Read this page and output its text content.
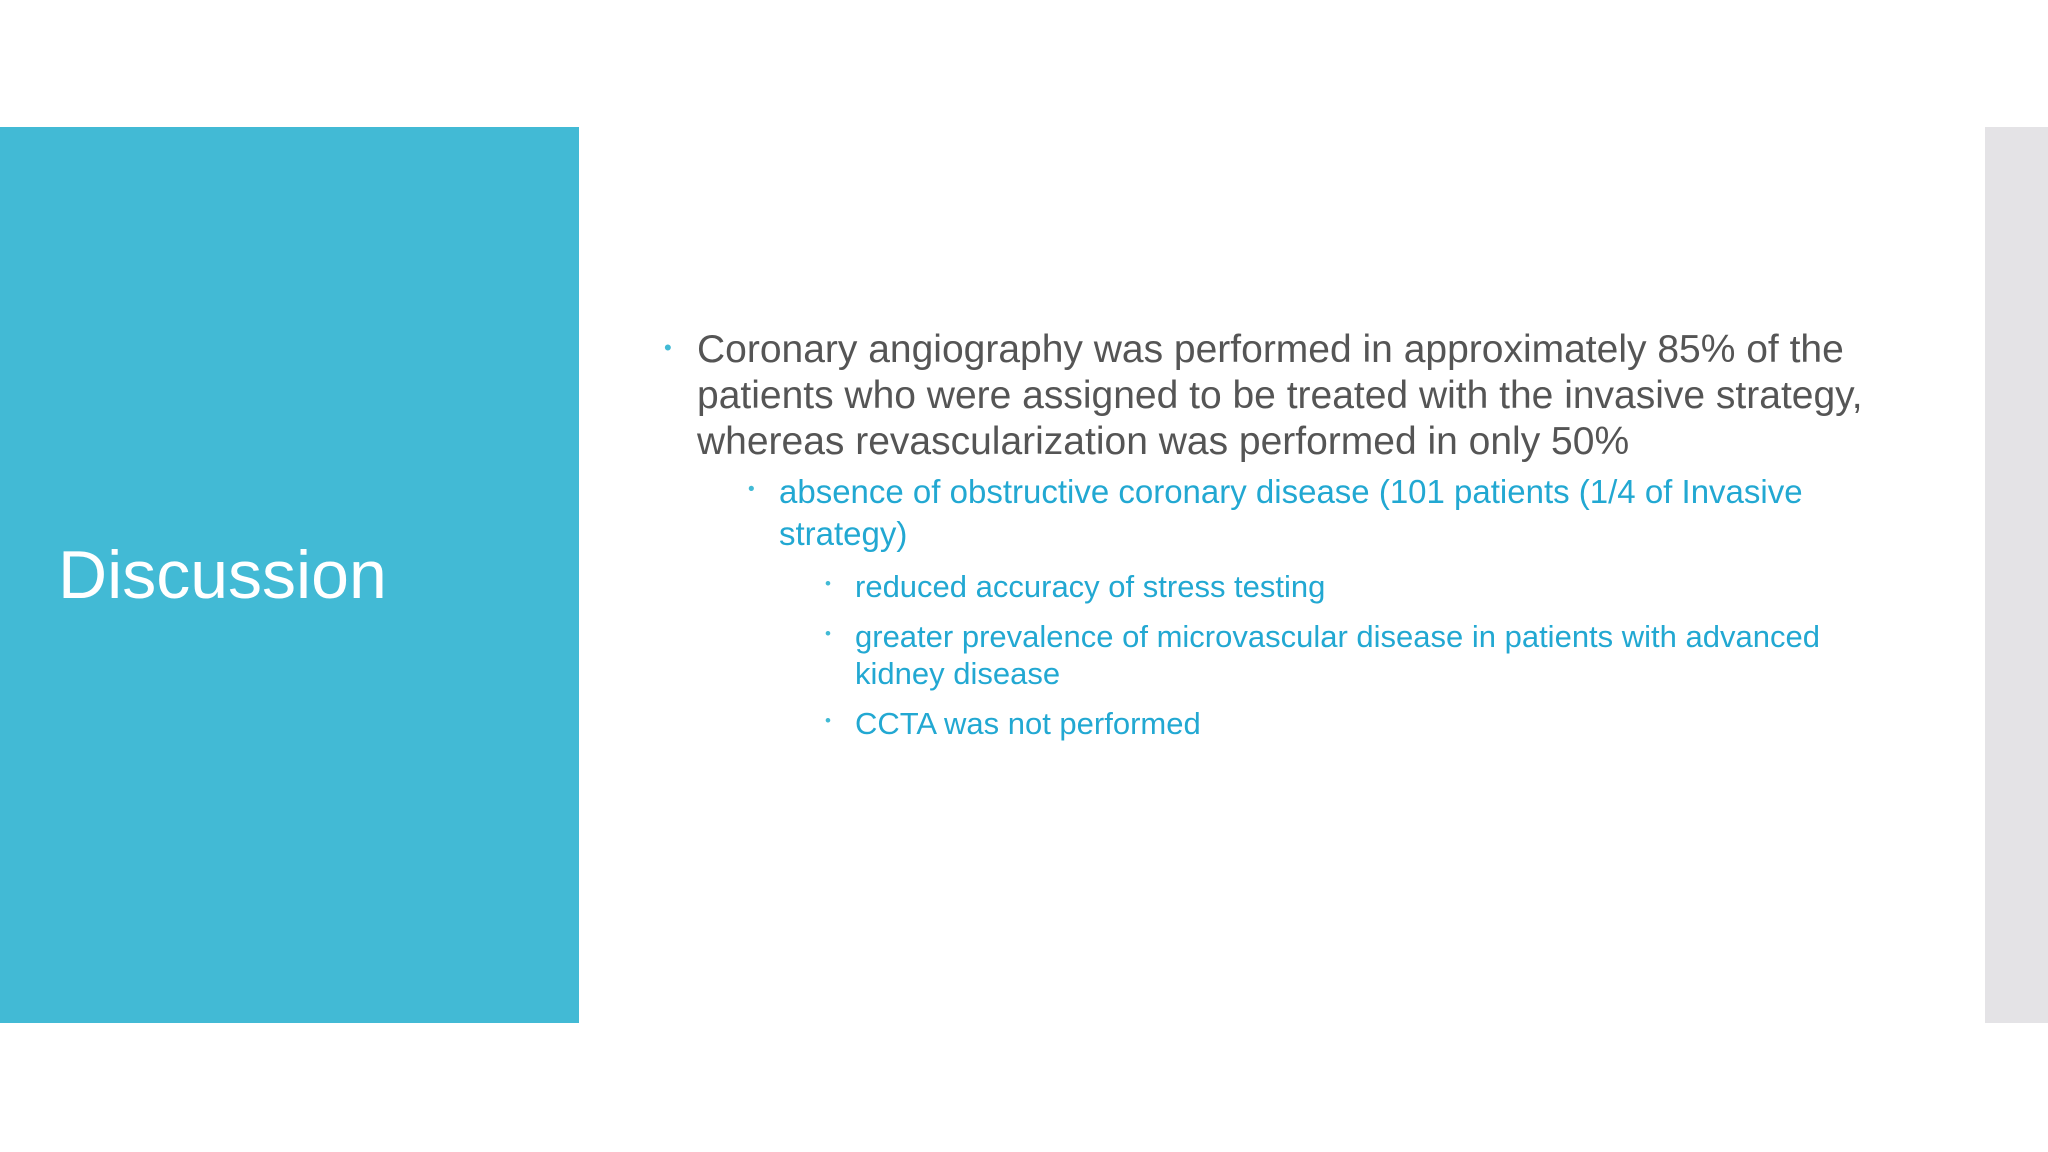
Discussion
• Coronary angiography was performed in approximately 85% of the patients who were assigned to be treated with the invasive strategy, whereas revascularization was performed in only 50%
• absence of obstructive coronary disease (101 patients (1/4 of Invasive strategy)
• reduced accuracy of stress testing
• greater prevalence of microvascular disease in patients with advanced kidney disease
• CCTA was not performed
